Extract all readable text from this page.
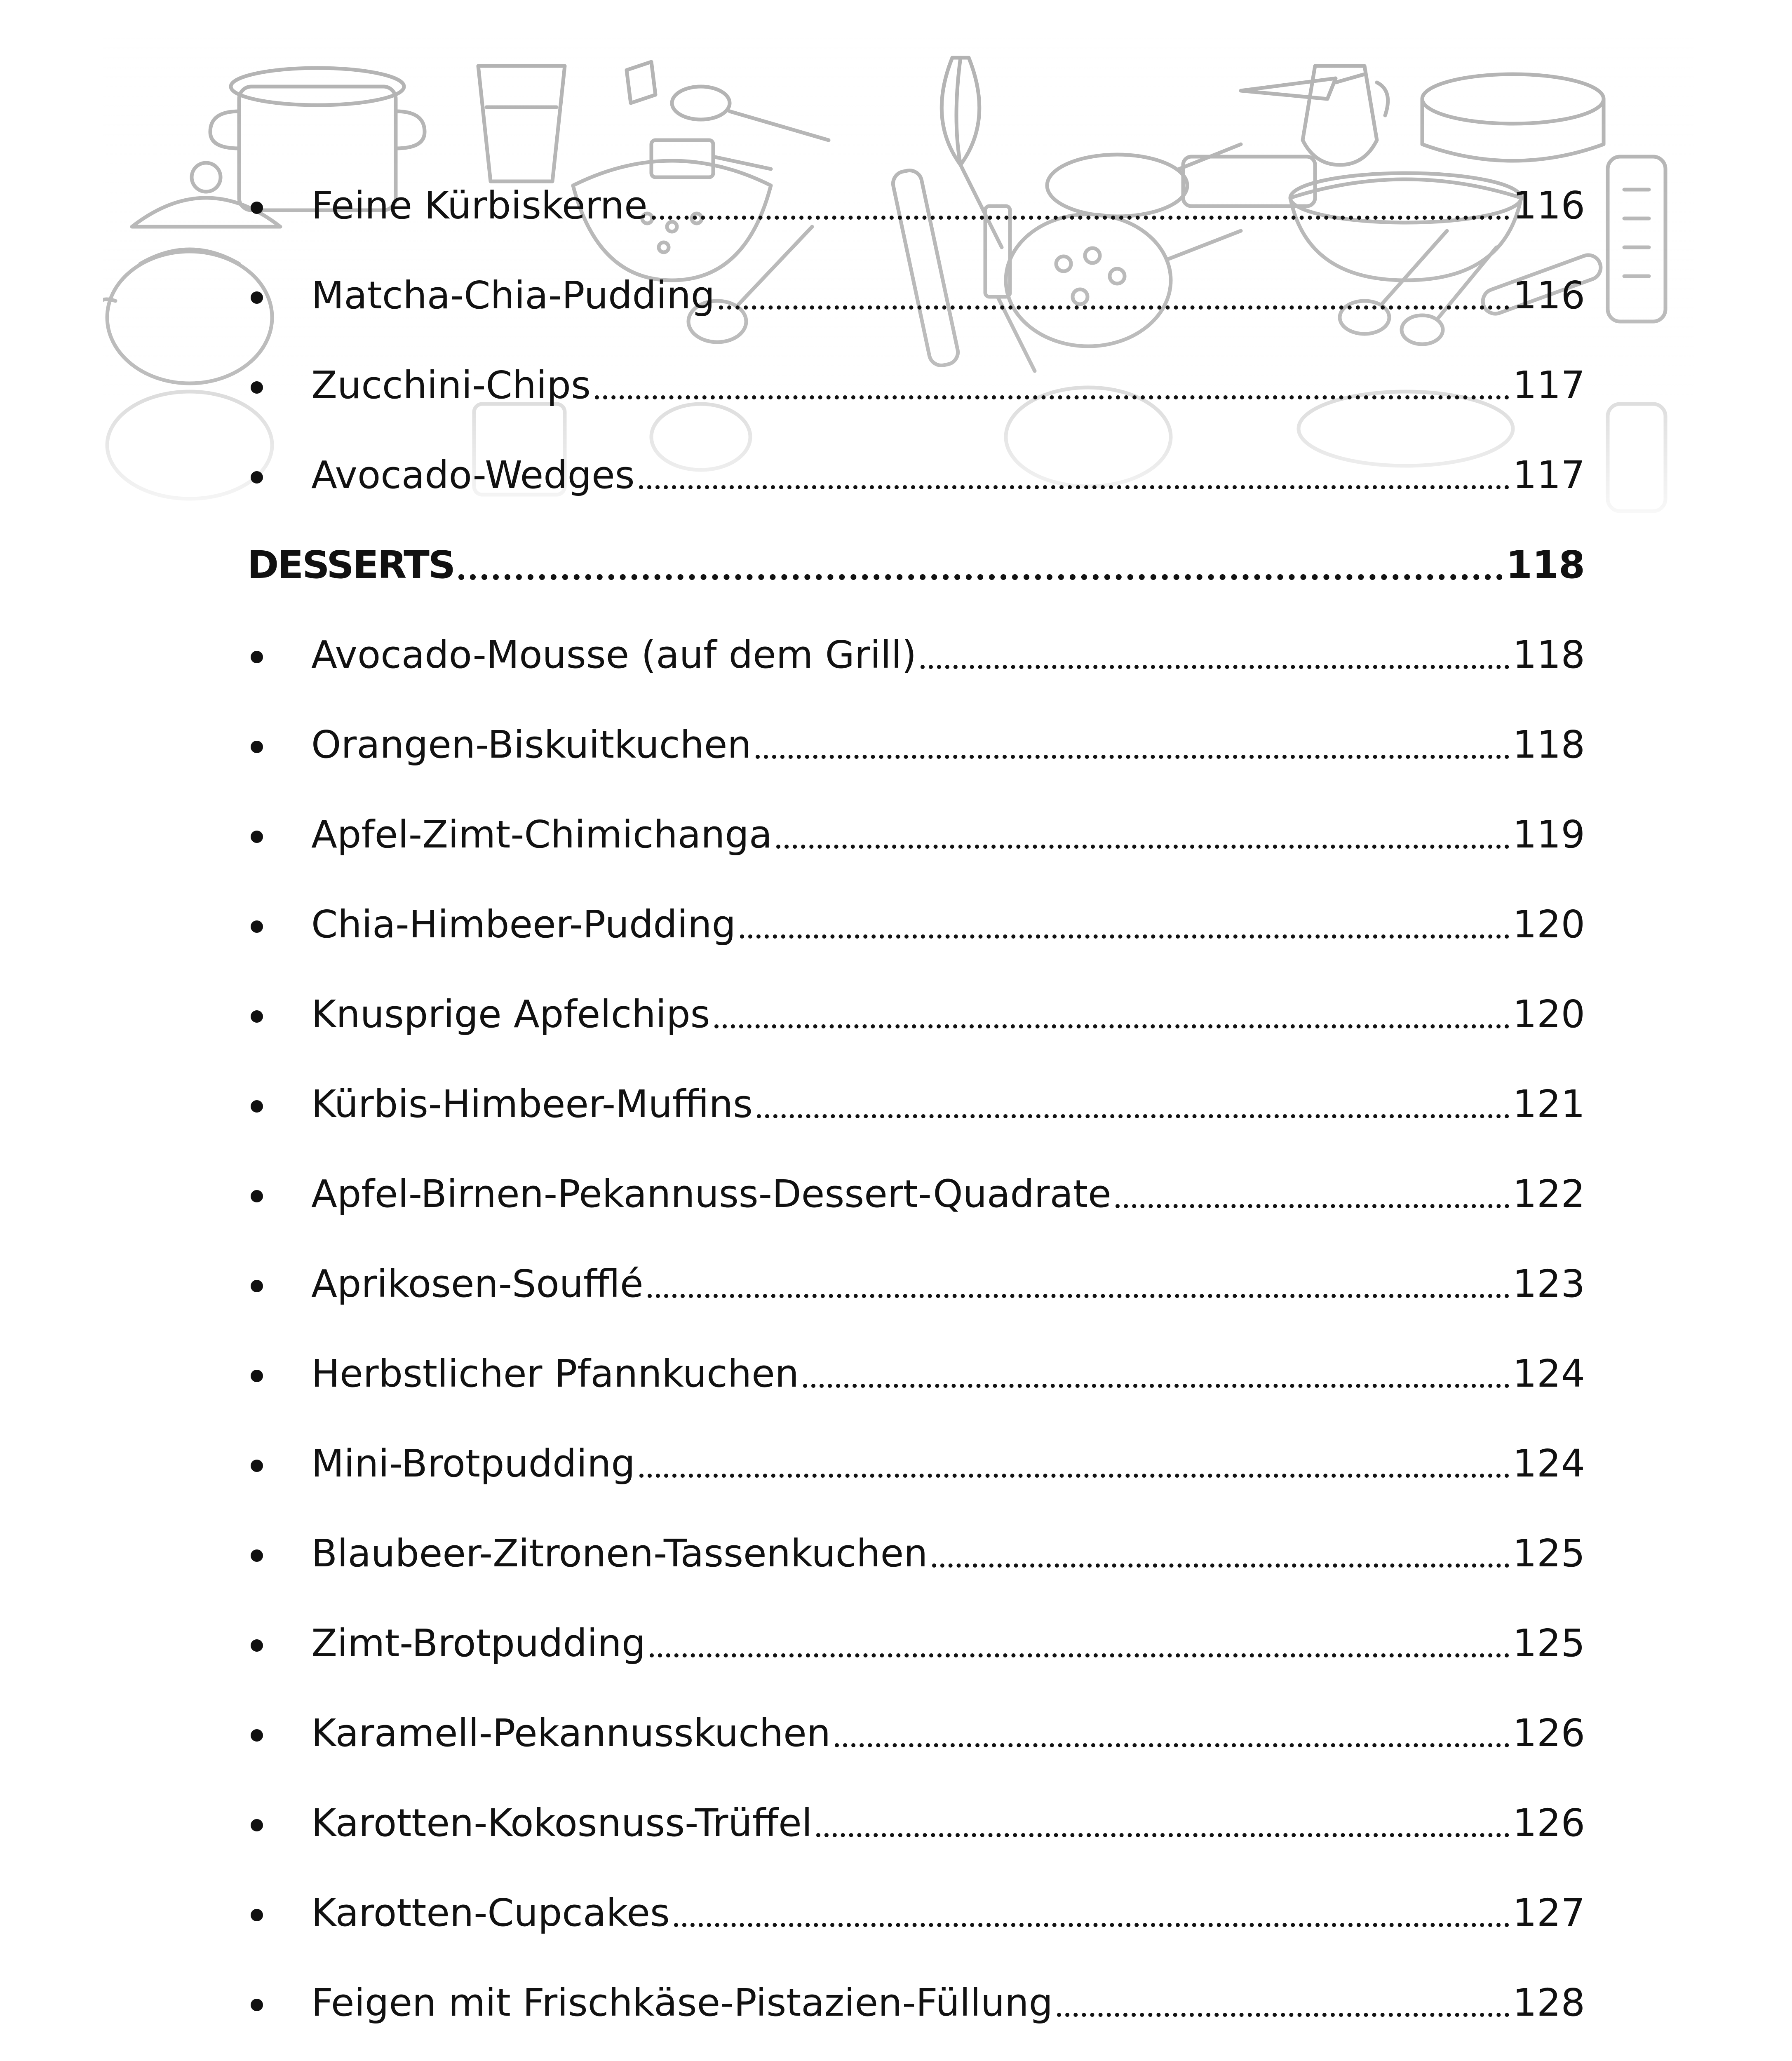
Feine Kürbiskerne	116
Matcha-Chia-Pudding	116
Zucchini-Chips	117
Avocado-Wedges	117
DESSERTS	118
Avocado-Mousse (auf dem Grill)	118
Orangen-Biskuitkuchen	118
Apfel-Zimt-Chimichanga	119
Chia-Himbeer-Pudding	120
Knusprige Apfelchips	120
Kürbis-Himbeer-Muffins	121
Apfel-Birnen-Pekannuss-Dessert-Quadrate	122
Aprikosen-Soufflé	123
Herbstlicher Pfannkuchen	124
Mini-Brotpudding	124
Blaubeer-Zitronen-Tassenkuchen	125
Zimt-Brotpudding	125
Karamell-Pekannusskuchen	126
Karotten-Kokosnuss-Trüffel	126
Karotten-Cupcakes	127
Feigen mit Frischkäse-Pistazien-Füllung	128
